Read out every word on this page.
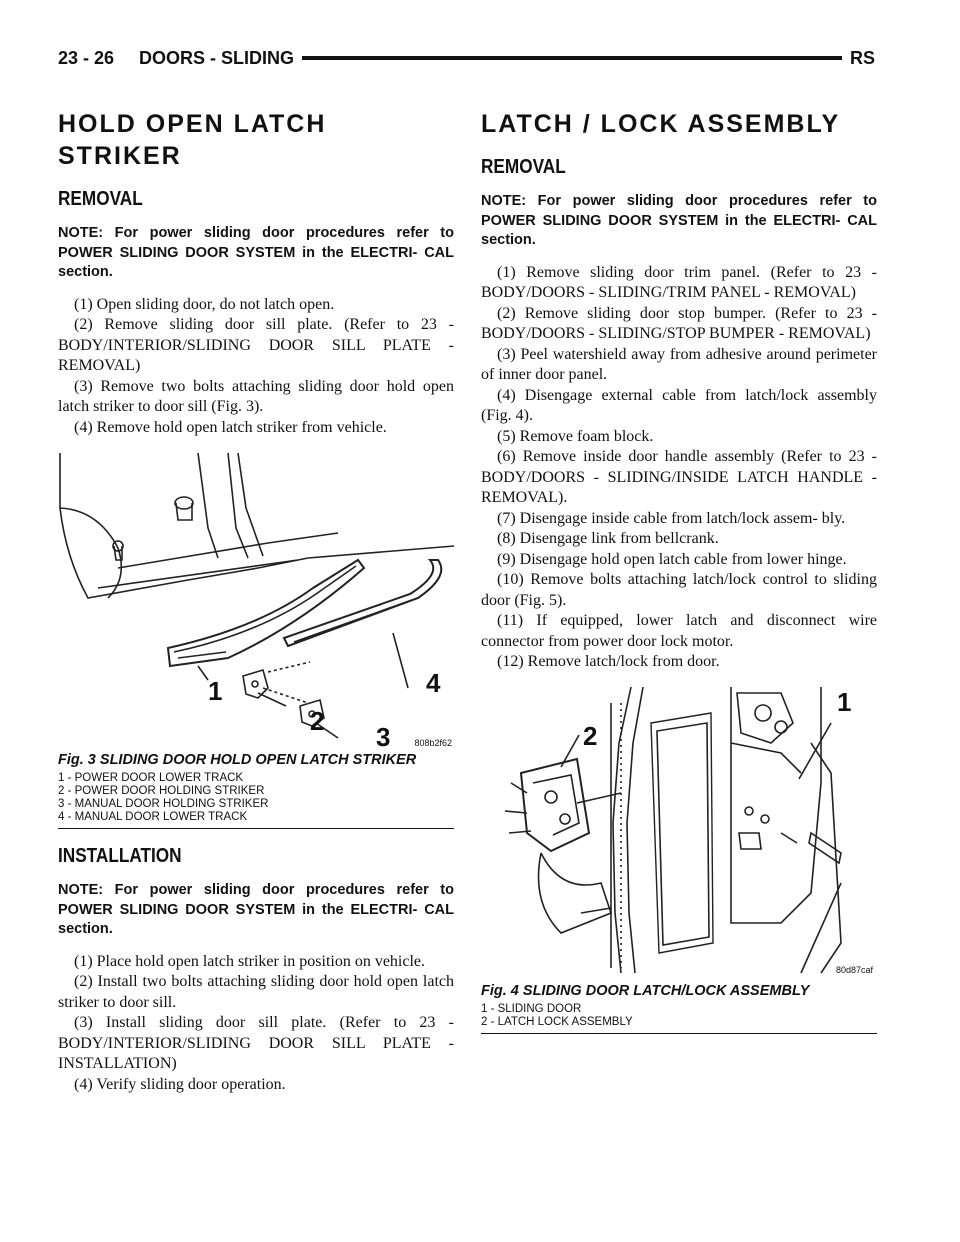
23 - 26     DOORS - SLIDING	RS
HOLD OPEN LATCH STRIKER
REMOVAL

NOTE: For power sliding door procedures refer to POWER SLIDING DOOR SYSTEM in the ELECTRI- CAL section.

(1) Open sliding door, do not latch open.

(2) Remove sliding door sill plate. (Refer to 23 - BODY/INTERIOR/SLIDING DOOR SILL PLATE - REMOVAL)

(3) Remove two bolts attaching sliding door hold open latch striker to door sill (Fig. 3).

(4) Remove hold open latch striker from vehicle.

1
2
3
4
808b2f62
Fig. 3 SLIDING DOOR HOLD OPEN LATCH STRIKER
1 - POWER DOOR LOWER TRACK
2 - POWER DOOR HOLDING STRIKER
3 - MANUAL DOOR HOLDING STRIKER
4 - MANUAL DOOR LOWER TRACK
INSTALLATION

NOTE: For power sliding door procedures refer to POWER SLIDING DOOR SYSTEM in the ELECTRI- CAL section.

(1) Place hold open latch striker in position on vehicle.

(2) Install two bolts attaching sliding door hold open latch striker to door sill.

(3) Install sliding door sill plate. (Refer to 23 - BODY/INTERIOR/SLIDING DOOR SILL PLATE - INSTALLATION)

(4) Verify sliding door operation.

LATCH / LOCK ASSEMBLY
REMOVAL

NOTE: For power sliding door procedures refer to POWER SLIDING DOOR SYSTEM in the ELECTRI- CAL section.

(1) Remove sliding door trim panel. (Refer to 23 - BODY/DOORS - SLIDING/TRIM PANEL - REMOVAL)

(2) Remove sliding door stop bumper. (Refer to 23 - BODY/DOORS - SLIDING/STOP BUMPER - REMOVAL)

(3) Peel watershield away from adhesive around perimeter of inner door panel.

(4) Disengage external cable from latch/lock assembly (Fig. 4).

(5) Remove foam block.

(6) Remove inside door handle assembly (Refer to 23 - BODY/DOORS - SLIDING/INSIDE LATCH HANDLE - REMOVAL).

(7) Disengage inside cable from latch/lock assem- bly.

(8) Disengage link from bellcrank.

(9) Disengage hold open latch cable from lower hinge.

(10) Remove bolts attaching latch/lock control to sliding door (Fig. 5).

(11) If equipped, lower latch and disconnect wire connector from power door lock motor.

(12) Remove latch/lock from door.

1
2
80d87caf
Fig. 4 SLIDING DOOR LATCH/LOCK ASSEMBLY
1 - SLIDING DOOR
2 - LATCH LOCK ASSEMBLY
